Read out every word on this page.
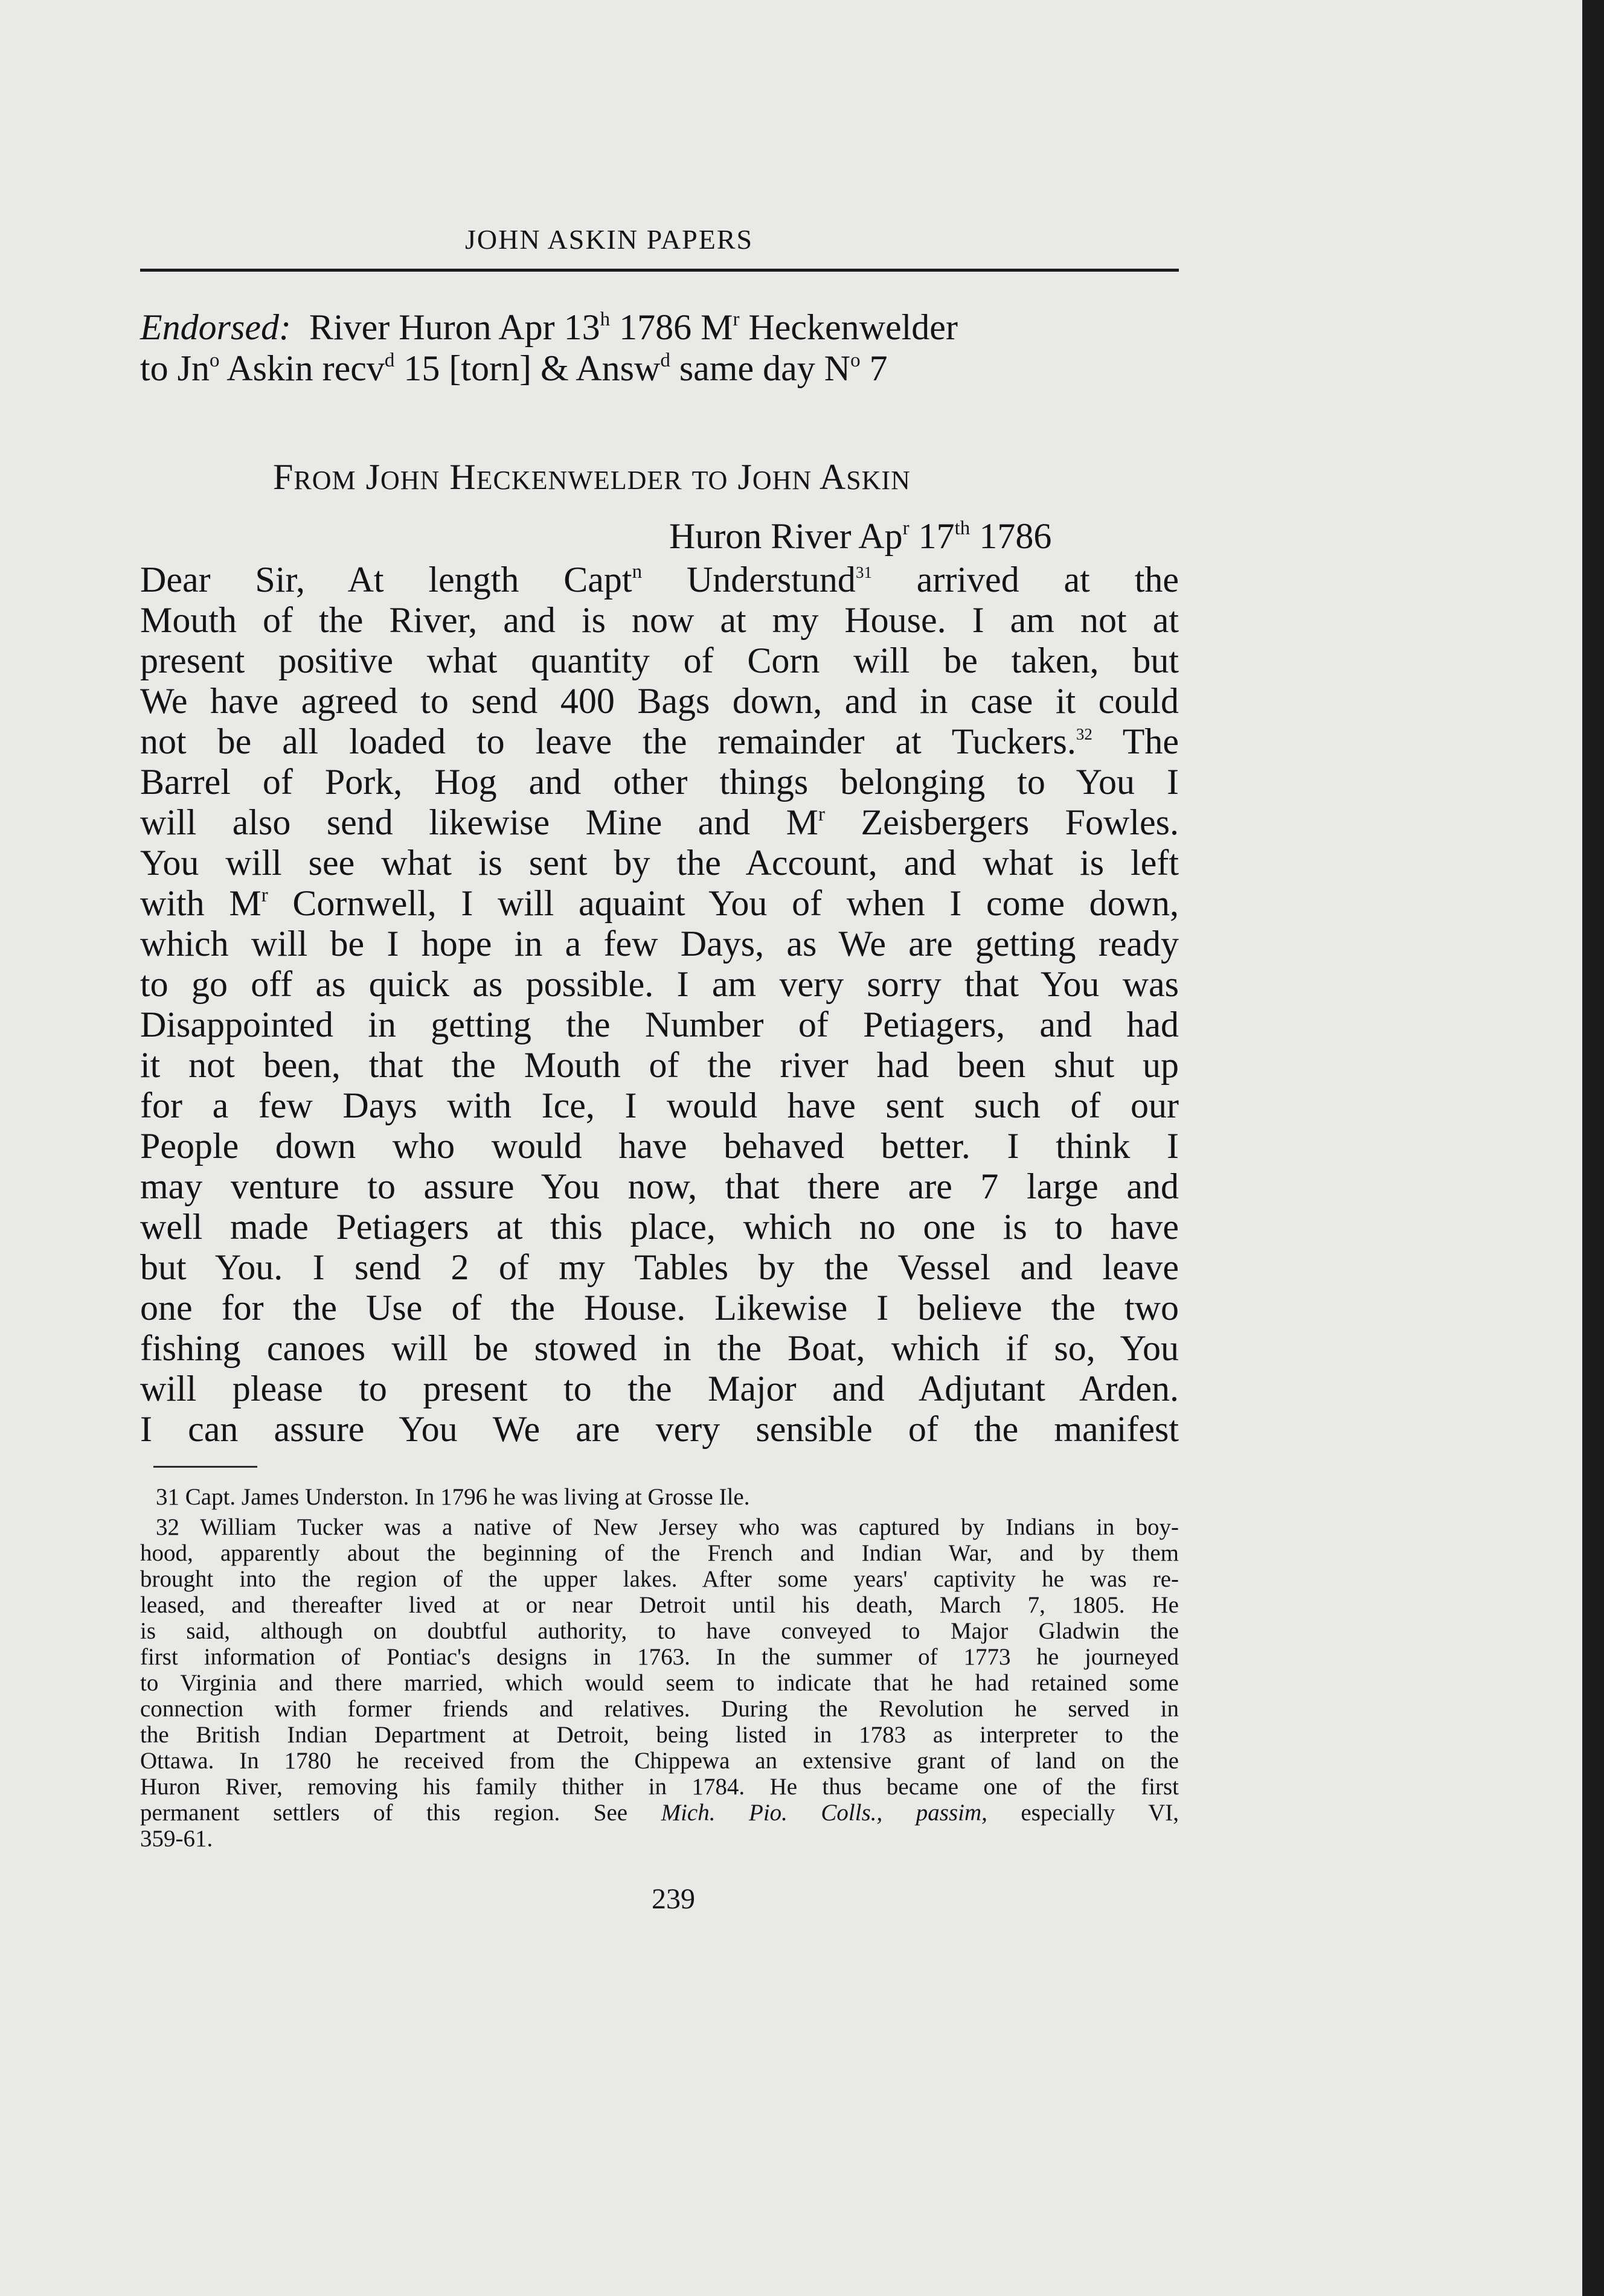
JOHN ASKIN PAPERS
Endorsed: River Huron Apr 13$^h$ 1786 $M^r$ Heckenwelder
to Jn$^o$ Askin recv$^d$ 15 [torn] & Answ$^d$ same day $N^o$ 7
FROM JOHN HECKENWELDER TO JOHN ASKIN
Huron River Ap$^r$ 17th 1786
Dear Sir, At length Capt$^n$ Understund$^{31}$ arrived at the
Mouth of the River, and is now at my House. I am not at
present positive what quantity of Corn will be taken, but
We have agreed to send 400 Bags down, and in case it could
not be all loaded to leave the remainder at Tuckers.$^{32}$ The
Barrel of Pork, Hog and other things belonging to You I
will also send likewise Mine and $M^r$ Zeisbergers Fowles.
You will see what is sent by the Account, and what is left
with $M^r$ Cornwell, I will aquaint You of when I come down,
which will be I hope in a few Days, as We are getting ready
to go off as quick as possible. I am very sorry that You was
Disappointed in getting the Number of Petiagers, and had
it not been, that the Mouth of the river had been shut up
for a few Days with Ice, I would have sent such of our
People down who would have behaved better. I think I
may venture to assure You now, that there are 7 large and
well made Petiagers at this place, which no one is to have
but You. I send 2 of my Tables by the Vessel and leave
one for the Use of the House. Likewise I believe the two
fishing canoes will be stowed in the Boat, which if so, You
will please to present to the Major and Adjutant Arden.
I can assure You We are very sensible of the manifest
31 Capt. James Underston. In 1796 he was living at Grosse Ile.
32 William Tucker was a native of New Jersey who was captured by Indians in boy-
hood, apparently about the beginning of the French and Indian War, and by them
brought into the region of the upper lakes. After some years' captivity he was re-
leased, and thereafter lived at or near Detroit until his death, March 7, 1805. He
is said, although on doubtful authority, to have conveyed to Major Gladwin the
first information of Pontiac's designs in 1763. In the summer of 1773 he journeyed
to Virginia and there married, which would seem to indicate that he had retained some
connection with former friends and relatives. During the Revolution he served in
the British Indian Department at Detroit, being listed in 1783 as interpreter to the
Ottawa. In 1780 he received from the Chippewa an extensive grant of land on the
Huron River, removing his family thither in 1784. He thus became one of the first
permanent settlers of this region. See Mich. Pio. Colls., passim, especially VI,
359-61.
239
